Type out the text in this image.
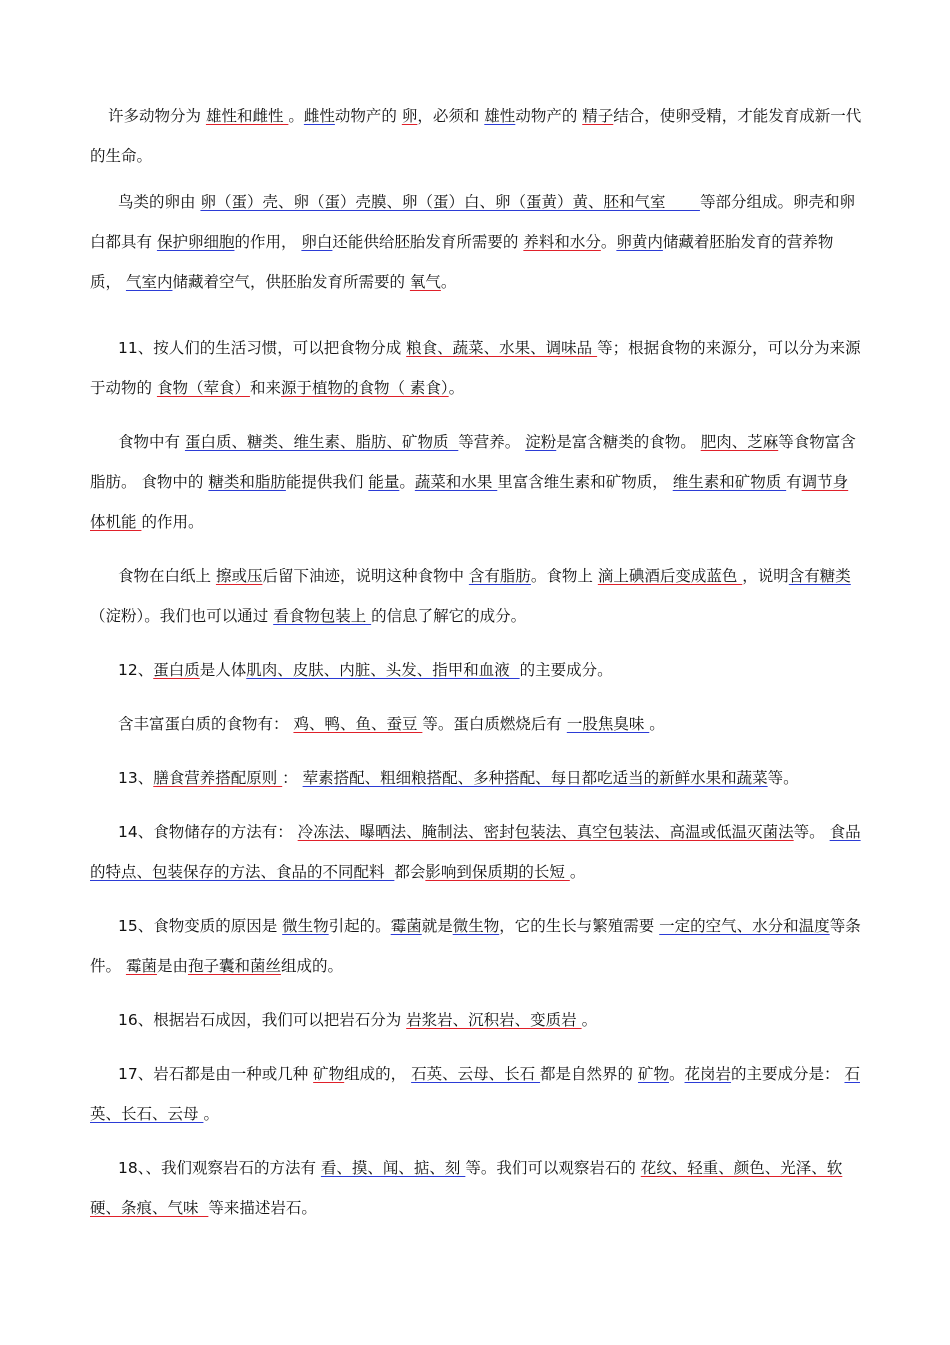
许多动物分为 雄性和雌性 。雌性动物产的 卵，必须和 雄性动物产的 精子结合，使卵受精，才能发育成新一代的生命。

鸟类的卵由 卵（蛋）壳、卵（蛋）壳膜、卵（蛋）白、卵（蛋黄）黄、胚和气室       等部分组成。卵壳和卵白都具有 保护卵细胞的作用， 卵白还能供给胚胎发育所需要的 养料和水分。卵黄内储藏着胚胎发育的营养物质， 气室内储藏着空气，供胚胎发育所需要的 氧气。

11、按人们的生活习惯，可以把食物分成 粮食、蔬菜、水果、调味品 等；根据食物的来源分，可以分为来源于动物的 食物（荤食）和来源于植物的食物（ 素食）。

食物中有 蛋白质、糖类、维生素、脂肪、矿物质  等营养。 淀粉是富含糖类的食物。 肥肉、芝麻等食物富含脂肪。 食物中的 糖类和脂肪能提供我们 能量。蔬菜和水果 里富含维生素和矿物质， 维生素和矿物质 有调节身体机能 的作用。

食物在白纸上 擦或压后留下油迹，说明这种食物中 含有脂肪。食物上 滴上碘酒后变成蓝色 ，说明含有糖类（淀粉）。我们也可以通过 看食物包装上 的信息了解它的成分。

12、蛋白质是人体肌肉、皮肤、内脏、头发、指甲和血液  的主要成分。

含丰富蛋白质的食物有： 鸡、鸭、鱼、蚕豆 等。蛋白质燃烧后有 一股焦臭味 。

13、膳食营养搭配原则 ： 荤素搭配、粗细粮搭配、多种搭配、每日都吃适当的新鲜水果和蔬菜等。

14、食物储存的方法有： 冷冻法、曝晒法、腌制法、密封包装法、真空包装法、高温或低温灭菌法等。 食品的特点、包装保存的方法、食品的不同配料  都会影响到保质期的长短 。

15、食物变质的原因是 微生物引起的。霉菌就是微生物，它的生长与繁殖需要 一定的空气、水分和温度等条件。 霉菌是由孢子囊和菌丝组成的。

16、根据岩石成因，我们可以把岩石分为 岩浆岩、沉积岩、变质岩 。

17、岩石都是由一种或几种 矿物组成的， 石英、云母、长石 都是自然界的 矿物。花岗岩的主要成分是： 石英、长石、云母 。

18、、我们观察岩石的方法有 看、摸、闻、掂、刻 等。我们可以观察岩石的 花纹、轻重、颜色、光泽、软硬、条痕、气味  等来描述岩石。
